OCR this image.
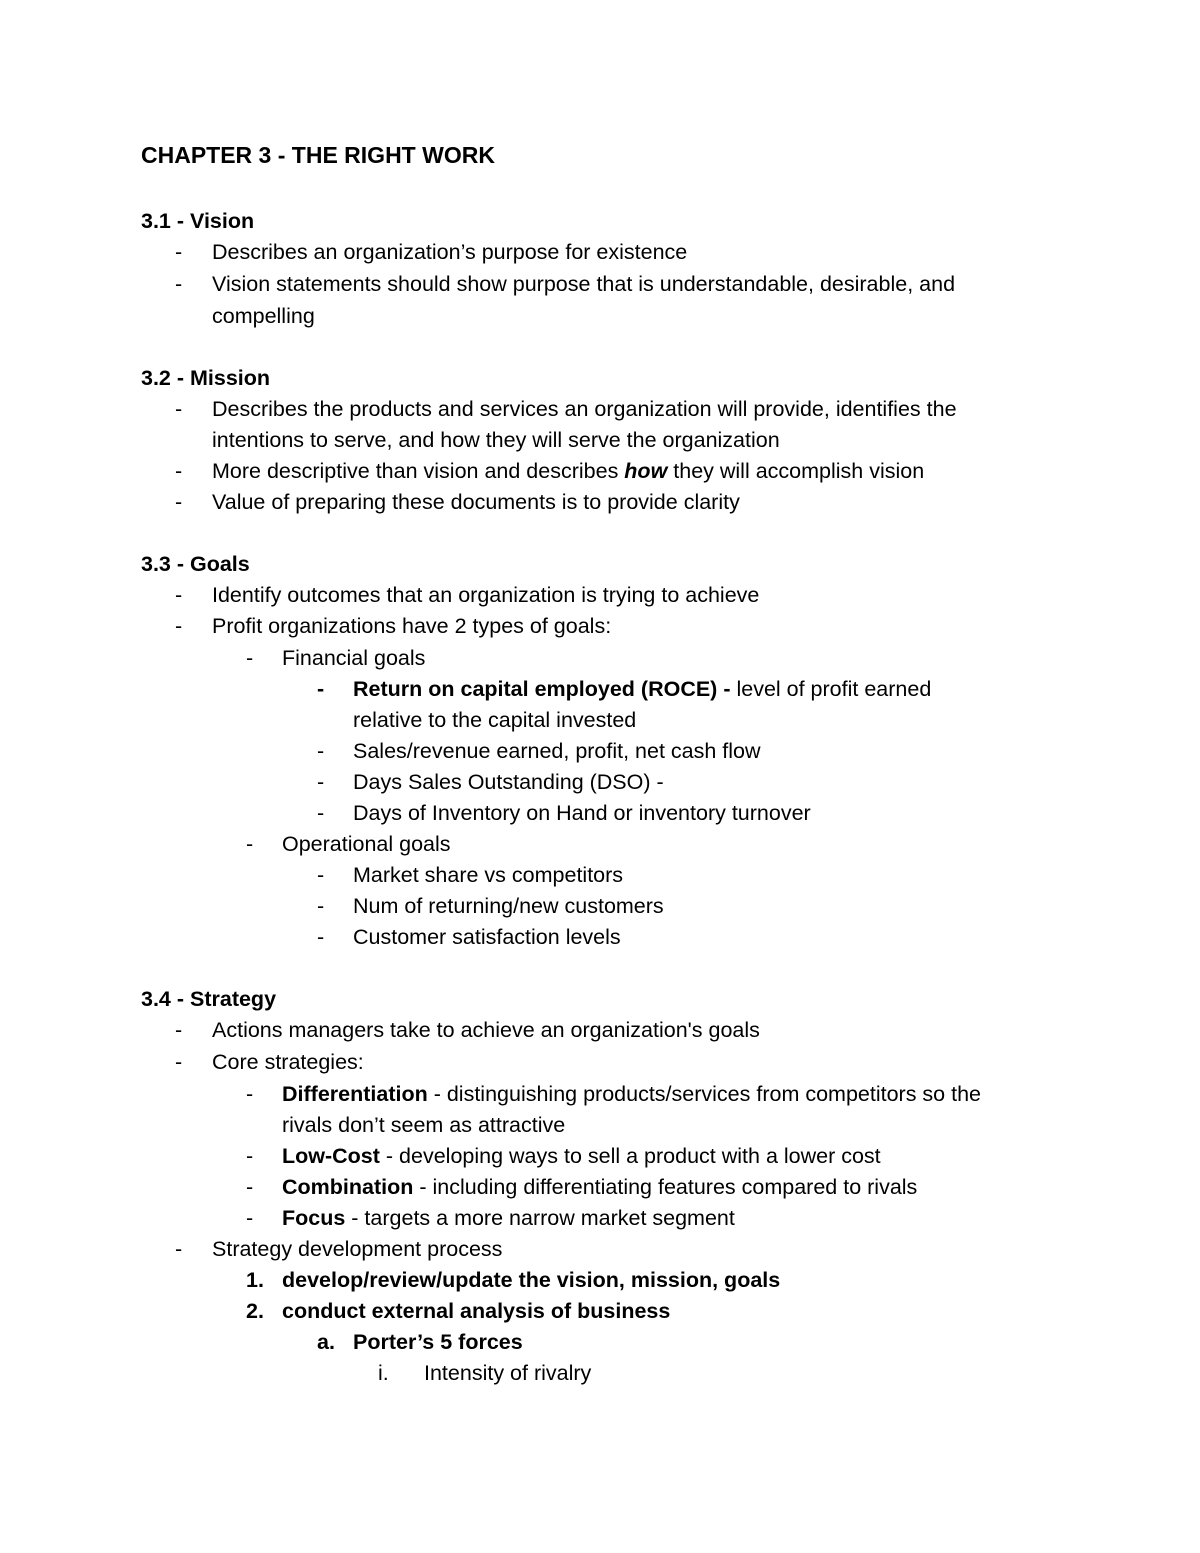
CHAPTER 3 - THE RIGHT WORK
3.1 - Vision
- Describes an organization’s purpose for existence
- Vision statements should show purpose that is understandable, desirable, and
compelling
3.2 - Mission
- Describes the products and services an organization will provide, identifies the
intentions to serve, and how they will serve the organization
- More descriptive than vision and describes how they will accomplish vision
- Value of preparing these documents is to provide clarity
3.3 - Goals
- Identify outcomes that an organization is trying to achieve
- Profit organizations have 2 types of goals:
- Financial goals
- Return on capital employed (ROCE) - level of profit earned
relative to the capital invested
- Sales/revenue earned, profit, net cash flow
- Days Sales Outstanding (DSO) -
- Days of Inventory on Hand or inventory turnover
- Operational goals
- Market share vs competitors
- Num of returning/new customers
- Customer satisfaction levels
3.4 - Strategy
- Actions managers take to achieve an organization's goals
- Core strategies:
- Differentiation - distinguishing products/services from competitors so the
rivals don’t seem as attractive
- Low-Cost - developing ways to sell a product with a lower cost
- Combination - including differentiating features compared to rivals
- Focus - targets a more narrow market segment
- Strategy development process
1. develop/review/update the vision, mission, goals
2. conduct external analysis of business
a. Porter’s 5 forces
i. Intensity of rivalry
